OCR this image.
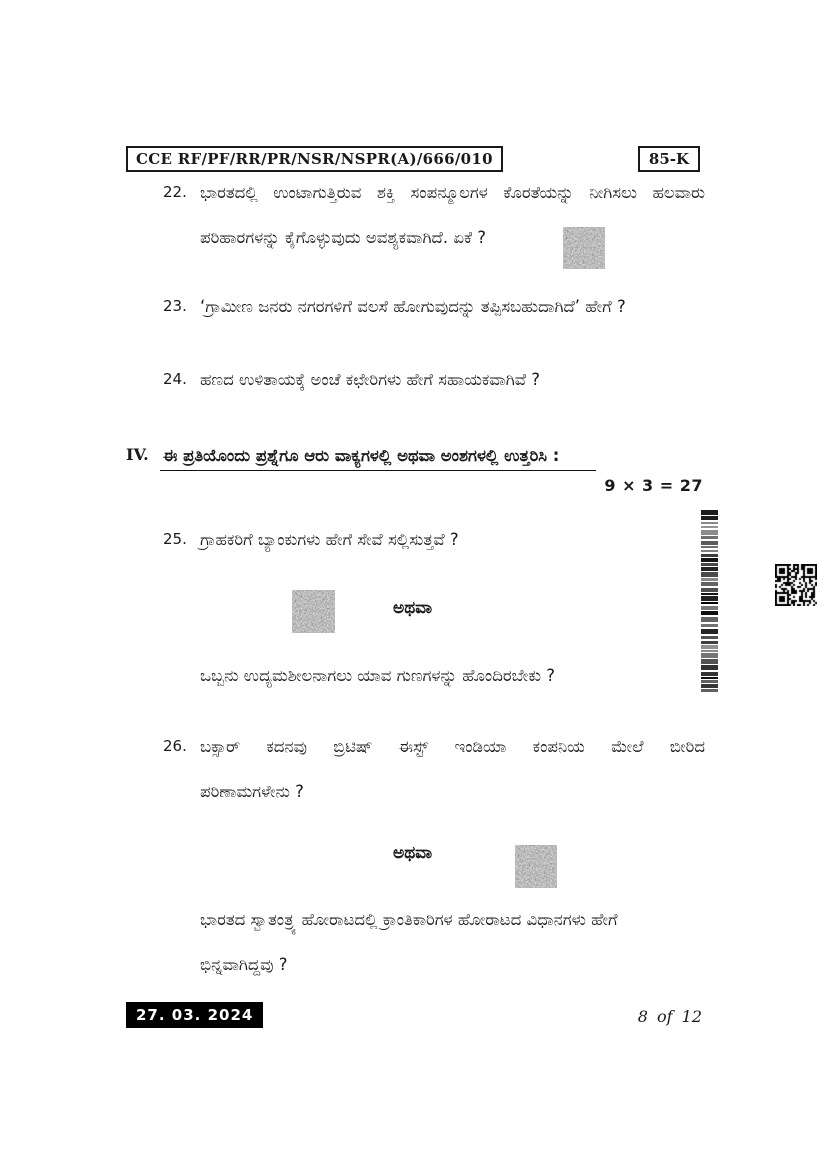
CCE RF/PF/RR/PR/NSR/NSPR(A)/666/010	85-K
22. ಭಾರತದಲ್ಲಿ ಉಂಟಾಗುತ್ತಿರುವ ಶಕ್ತಿ ಸಂಪನ್ಮೂಲಗಳ ಕೊರತೆಯನ್ನು ನೀಗಿಸಲು ಹಲವಾರು
ಪರಿಹಾರಗಳನ್ನು ಕೈಗೊಳ್ಳುವುದು ಅವಶ್ಯಕವಾಗಿದೆ. ಏಕೆ ?
23. ‘ಗ್ರಾಮೀಣ ಜನರು ನಗರಗಳಿಗೆ ವಲಸೆ ಹೋಗುವುದನ್ನು ತಪ್ಪಿಸಬಹುದಾಗಿದೆ’ ಹೇಗೆ ?
24. ಹಣದ ಉಳಿತಾಯಕ್ಕೆ ಅಂಚೆ ಕಛೇರಿಗಳು ಹೇಗೆ ಸಹಾಯಕವಾಗಿವೆ ?
IV. ಈ ಪ್ರತಿಯೊಂದು ಪ್ರಶ್ನೆಗೂ ಆರು ವಾಕ್ಯಗಳಲ್ಲಿ ಅಥವಾ ಅಂಶಗಳಲ್ಲಿ ಉತ್ತರಿಸಿ :
9 × 3 = 27
25. ಗ್ರಾಹಕರಿಗೆ ಬ್ಯಾಂಕುಗಳು ಹೇಗೆ ಸೇವೆ ಸಲ್ಲಿಸುತ್ತವೆ ?
ಅಥವಾ
ಒಬ್ಬನು ಉದ್ಯಮಶೀಲನಾಗಲು ಯಾವ ಗುಣಗಳನ್ನು ಹೊಂದಿರಬೇಕು ?
26. ಬಕ್ಸಾರ್ ಕದನವು ಬ್ರಿಟಿಷ್ ಈಸ್ಟ್ ಇಂಡಿಯಾ ಕಂಪನಿಯ ಮೇಲೆ ಬೀರಿದ
ಪರಿಣಾಮಗಳೇನು ?
ಅಥವಾ
ಭಾರತದ ಸ್ವಾತಂತ್ರ್ಯ ಹೋರಾಟದಲ್ಲಿ ಕ್ರಾಂತಿಕಾರಿಗಳ ಹೋರಾಟದ ವಿಧಾನಗಳು ಹೇಗೆ
ಭಿನ್ನವಾಗಿದ್ದವು ?
27. 03. 2024	8 of 12
